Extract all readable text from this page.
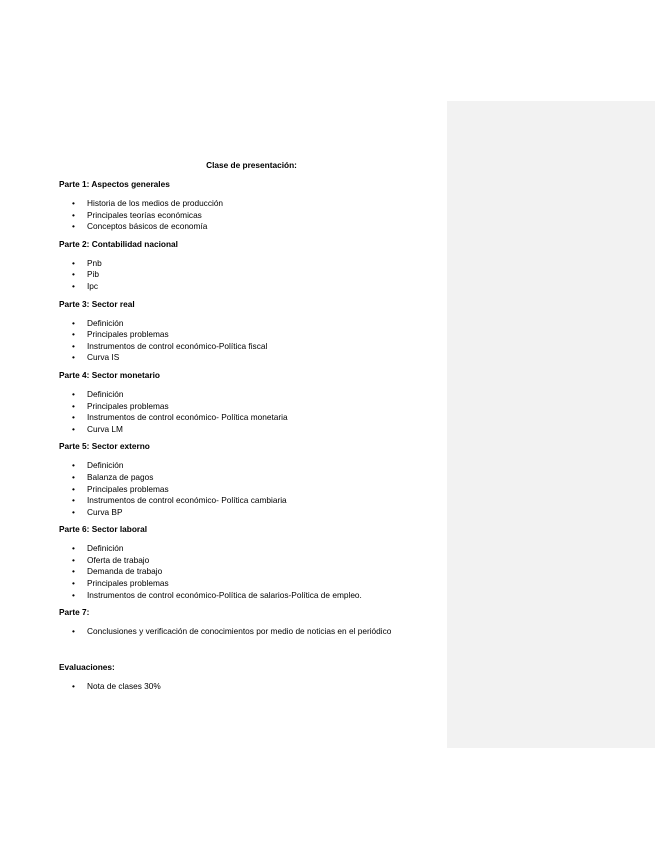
Clase de presentación:
Parte 1: Aspectos generales
• Historia de los medios de producción
• Principales teorías económicas
• Conceptos básicos de economía
Parte 2: Contabilidad nacional
• Pnb
• Pib
• Ipc
Parte 3: Sector real
• Definición
• Principales problemas
• Instrumentos de control económico-Política fiscal
• Curva IS
Parte 4: Sector monetario
• Definición
• Principales problemas
• Instrumentos de control económico- Política monetaria
• Curva LM
Parte 5: Sector externo
• Definición
• Balanza de pagos
• Principales problemas
• Instrumentos de control económico- Política cambiaria
• Curva BP
Parte 6: Sector laboral
• Definición
• Oferta de trabajo
• Demanda de trabajo
• Principales problemas
• Instrumentos de control económico-Política de salarios-Política de empleo.
Parte 7:
• Conclusiones y verificación de conocimientos por medio de noticias en el periódico
Evaluaciones:
• Nota de clases 30%
